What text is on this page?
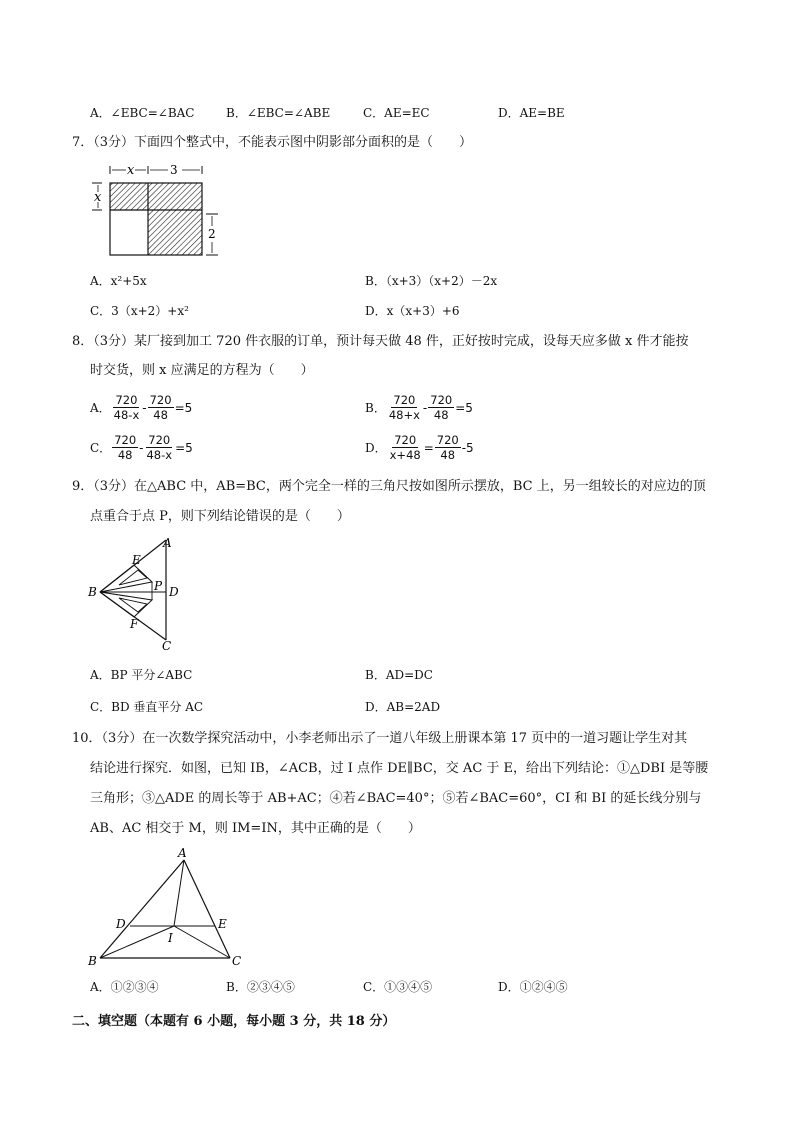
A．∠EBC=∠BAC	B．∠EBC=∠ABE	C．AE=EC	D．AE=BE
7．（3分）下面四个整式中，不能表示图中阴影部分面积的是（　　）
x	3
x
2
A．x²+5x	B．（x+3）（x+2）－2x
C．3（x+2）+x²	D．x（x+3）+6
8．（3分）某厂接到加工 720 件衣服的订单，预计每天做 48 件，正好按时完成，设每天应多做 x 件才能按
时交货，则 x 应满足的方程为（　　）
A． $\frac{720}{48-x} - \frac{720}{48} =5$	B． $\frac{720}{48+x} - \frac{720}{48} =5$
C． $\frac{720}{48} - \frac{720}{48-x} =5$	D． $\frac{720}{x+48} = \frac{720}{48} -5$
9．（3分）在△ABC 中，AB=BC，两个完全一样的三角尺按如图所示摆放，BC 上，另一组较长的对应边的顶
点重合于点 P，则下列结论错误的是（　　）
A
B
C
D
E
F
P
A．BP 平分∠ABC	B．AD=DC
C．BD 垂直平分 AC	D．AB=2AD
10．（3分）在一次数学探究活动中，小李老师出示了一道八年级上册课本第 17 页中的一道习题让学生对其
结论进行探究．如图，已知 IB，∠ACB，过 I 点作 DE∥BC，交 AC 于 E，给出下列结论：①△DBI 是等腰
三角形；③△ADE 的周长等于 AB+AC；④若∠BAC=40°；⑤若∠BAC=60°，CI 和 BI 的延长线分别与
AB、AC 相交于 M，则 IM=IN，其中正确的是（　　）
A
B	C
D	E
I
A．①②③④	B．②③④⑤	C．①③④⑤	D．①②④⑤
二、填空题（本题有 6 小题，每小题 3 分，共 18 分）
